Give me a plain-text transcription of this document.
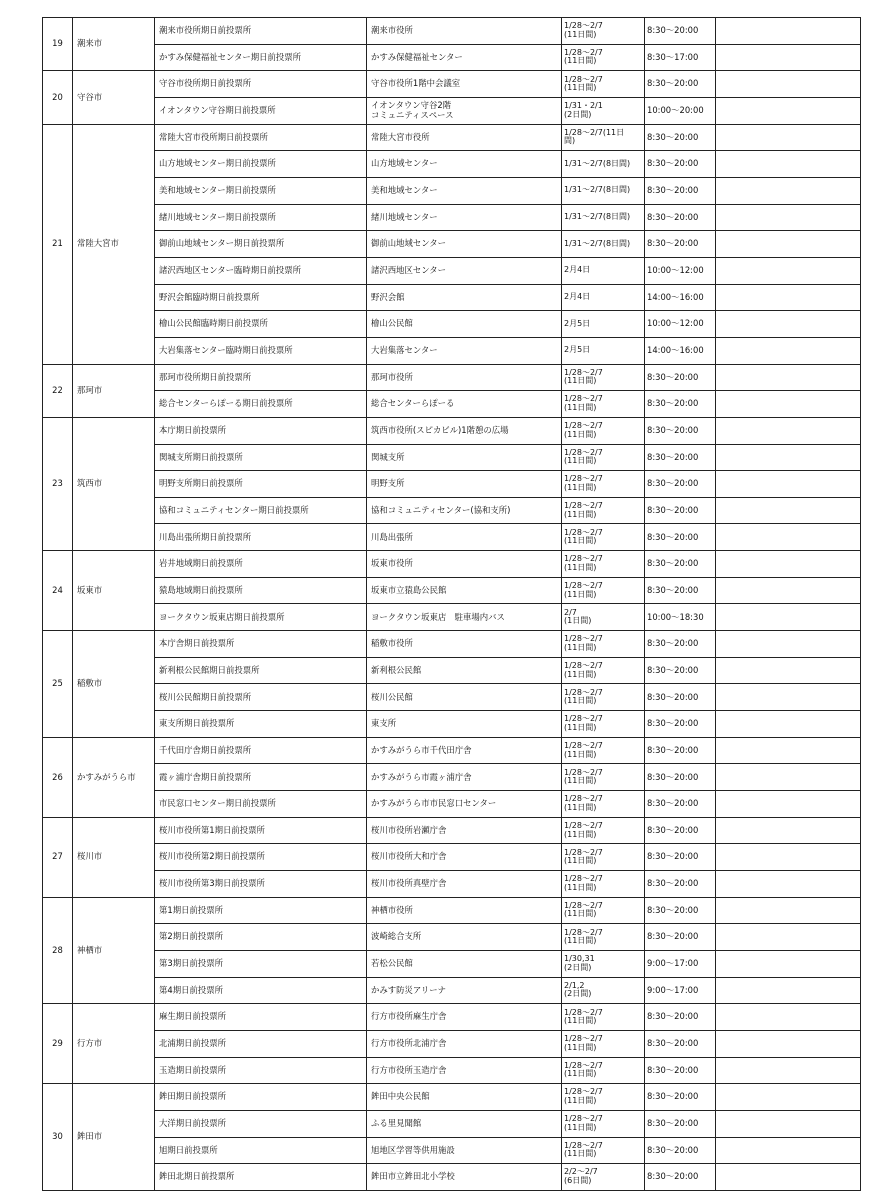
19	潮来市	潮来市役所期日前投票所	潮来市役所	1/28～2/7
(11日間)	8:30～20:00	
		かすみ保健福祉センター期日前投票所	かすみ保健福祉センター	1/28～2/7
(11日間)	8:30～17:00	
20	守谷市	守谷市役所期日前投票所	守谷市役所1階中会議室	1/28～2/7
(11日間)	8:30～20:00	
		イオンタウン守谷期日前投票所	イオンタウン守谷2階
コミュニティスペース	1/31・2/1
(2日間)	10:00～20:00	
21	常陸大宮市	常陸大宮市役所期日前投票所	常陸大宮市役所	1/28～2/7(11日
間)	8:30～20:00	
		山方地域センター期日前投票所	山方地域センター	1/31～2/7(8日間)	8:30～20:00	
		美和地域センター期日前投票所	美和地域センター	1/31～2/7(8日間)	8:30～20:00	
		緒川地域センター期日前投票所	緒川地域センター	1/31～2/7(8日間)	8:30～20:00	
		御前山地域センター期日前投票所	御前山地域センター	1/31～2/7(8日間)	8:30～20:00	
		諸沢西地区センター臨時期日前投票所	諸沢西地区センター	2月4日	10:00～12:00	
		野沢会館臨時期日前投票所	野沢会館	2月4日	14:00～16:00	
		檜山公民館臨時期日前投票所	檜山公民館	2月5日	10:00～12:00	
		大岩集落センター臨時期日前投票所	大岩集落センター	2月5日	14:00～16:00	
22	那珂市	那珂市役所期日前投票所	那珂市役所	1/28～2/7
(11日間)	8:30～20:00	
		総合センターらぽーる期日前投票所	総合センターらぽーる	1/28～2/7
(11日間)	8:30～20:00	
23	筑西市	本庁期日前投票所	筑西市役所(スピカビル)1階憩の広場	1/28～2/7
(11日間)	8:30～20:00	
		関城支所期日前投票所	関城支所	1/28～2/7
(11日間)	8:30～20:00	
		明野支所期日前投票所	明野支所	1/28～2/7
(11日間)	8:30～20:00	
		協和コミュニティセンター期日前投票所	協和コミュニティセンター(協和支所)	1/28～2/7
(11日間)	8:30～20:00	
		川島出張所期日前投票所	川島出張所	1/28～2/7
(11日間)	8:30～20:00	
24	坂東市	岩井地域期日前投票所	坂東市役所	1/28～2/7
(11日間)	8:30～20:00	
		猿島地域期日前投票所	坂東市立猿島公民館	1/28～2/7
(11日間)	8:30～20:00	
		ヨークタウン坂東店期日前投票所	ヨークタウン坂東店　駐車場内バス	2/7
(1日間)	10:00～18:30	
25	稲敷市	本庁舎期日前投票所	稲敷市役所	1/28～2/7
(11日間)	8:30～20:00	
		新利根公民館期日前投票所	新利根公民館	1/28～2/7
(11日間)	8:30～20:00	
		桜川公民館期日前投票所	桜川公民館	1/28～2/7
(11日間)	8:30～20:00	
		東支所期日前投票所	東支所	1/28～2/7
(11日間)	8:30～20:00	
26	かすみがうら市	千代田庁舎期日前投票所	かすみがうら市千代田庁舎	1/28～2/7
(11日間)	8:30～20:00	
		霞ヶ浦庁舎期日前投票所	かすみがうら市霞ヶ浦庁舎	1/28～2/7
(11日間)	8:30～20:00	
		市民窓口センター期日前投票所	かすみがうら市市民窓口センター	1/28～2/7
(11日間)	8:30～20:00	
27	桜川市	桜川市役所第1期日前投票所	桜川市役所岩瀬庁舎	1/28～2/7
(11日間)	8:30～20:00	
		桜川市役所第2期日前投票所	桜川市役所大和庁舎	1/28～2/7
(11日間)	8:30～20:00	
		桜川市役所第3期日前投票所	桜川市役所真壁庁舎	1/28～2/7
(11日間)	8:30～20:00	
28	神栖市	第1期日前投票所	神栖市役所	1/28～2/7
(11日間)	8:30～20:00	
		第2期日前投票所	波崎総合支所	1/28～2/7
(11日間)	8:30～20:00	
		第3期日前投票所	若松公民館	1/30,31
(2日間)	9:00～17:00	
		第4期日前投票所	かみす防災アリーナ	2/1,2
(2日間)	9:00～17:00	
29	行方市	麻生期日前投票所	行方市役所麻生庁舎	1/28～2/7
(11日間)	8:30～20:00	
		北浦期日前投票所	行方市役所北浦庁舎	1/28～2/7
(11日間)	8:30～20:00	
		玉造期日前投票所	行方市役所玉造庁舎	1/28～2/7
(11日間)	8:30～20:00	
30	鉾田市	鉾田期日前投票所	鉾田中央公民館	1/28～2/7
(11日間)	8:30～20:00	
		大洋期日前投票所	ふる里見聞館	1/28～2/7
(11日間)	8:30～20:00	
		旭期日前投票所	旭地区学習等供用施設	1/28～2/7
(11日間)	8:30～20:00	
		鉾田北期日前投票所	鉾田市立鉾田北小学校	2/2～2/7
(6日間)	8:30～20:00	
